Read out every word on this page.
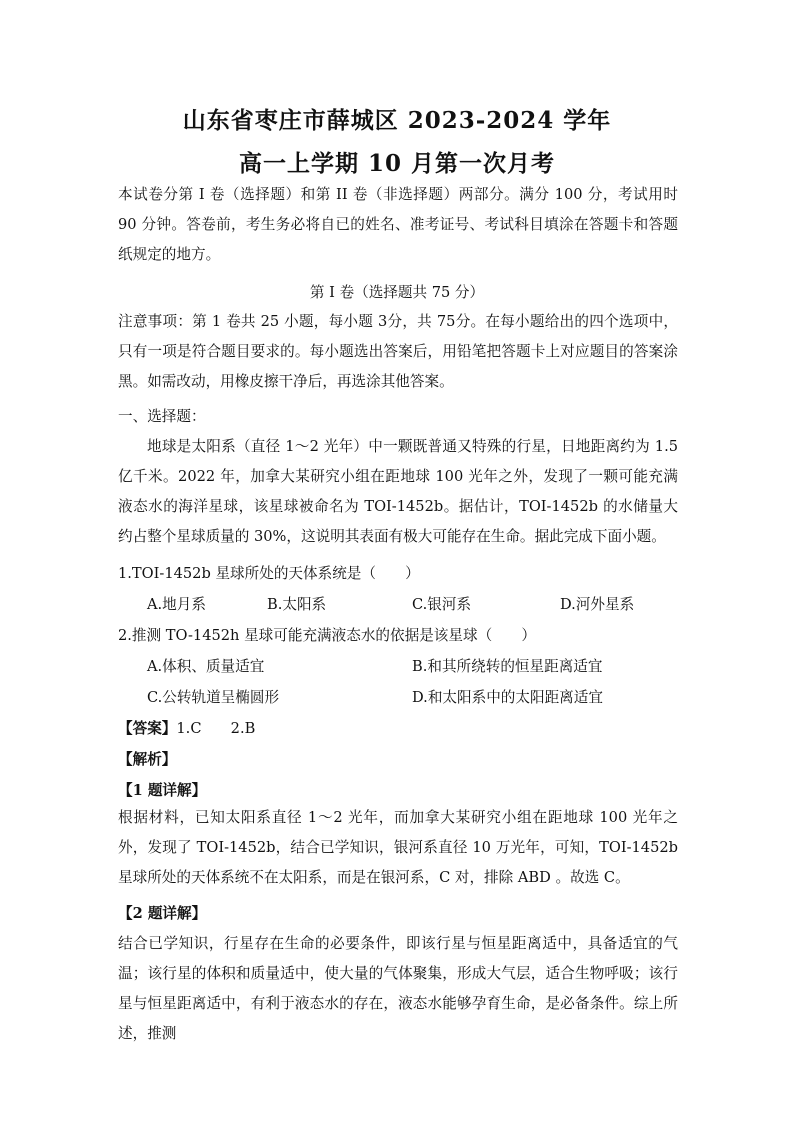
山东省枣庄市薛城区 2023-2024 学年
高一上学期 10 月第一次月考

本试卷分第 I 卷（选择题）和第 II 卷（非选择题）两部分。满分 100 分，考试用时 90 分钟。答卷前，考生务必将自已的姓名、准考证号、考试科目填涂在答题卡和答题纸规定的地方。

第 I 卷（选择题共 75 分）

注意事项：第 1 卷共 25 小题，每小题 3分，共 75分。在每小题给出的四个选项中，只有一项是符合题目要求的。每小题选出答案后，用铅笔把答题卡上对应题目的答案涂黑。如需改动，用橡皮擦干净后，再选涂其他答案。

一、选择题：

地球是太阳系（直径 1～2 光年）中一颗既普通又特殊的行星，日地距离约为 1.5 亿千米。2022 年，加拿大某研究小组在距地球 100 光年之外，发现了一颗可能充满液态水的海洋星球，该星球被命名为 TOI-1452b。据估计，TOI-1452b 的水储量大约占整个星球质量的 30%，这说明其表面有极大可能存在生命。据此完成下面小题。

1.TOI-1452b 星球所处的天体系统是（　　）
A.地月系	B.太阳系	C.银河系	D.河外星系
2.推测 TO-1452h 星球可能充满液态水的依据是该星球（　　）
A.体积、质量适宜	B.和其所绕转的恒星距离适宜
C.公转轨道呈椭圆形	D.和太阳系中的太阳距离适宜
【答案】1.C　　2.B
【解析】
【1 题详解】

根据材料，已知太阳系直径 1～2 光年，而加拿大某研究小组在距地球 100 光年之外，发现了 TOI-1452b，结合已学知识，银河系直径 10 万光年，可知，TOI-1452b 星球所处的天体系统不在太阳系，而是在银河系，C 对，排除 ABD 。故选 C。

【2 题详解】

结合已学知识，行星存在生命的必要条件，即该行星与恒星距离适中，具备适宜的气温；该行星的体积和质量适中，使大量的气体聚集，形成大气层，适合生物呼吸；该行星与恒星距离适中，有利于液态水的存在，液态水能够孕育生命，是必备条件。综上所述，推测
